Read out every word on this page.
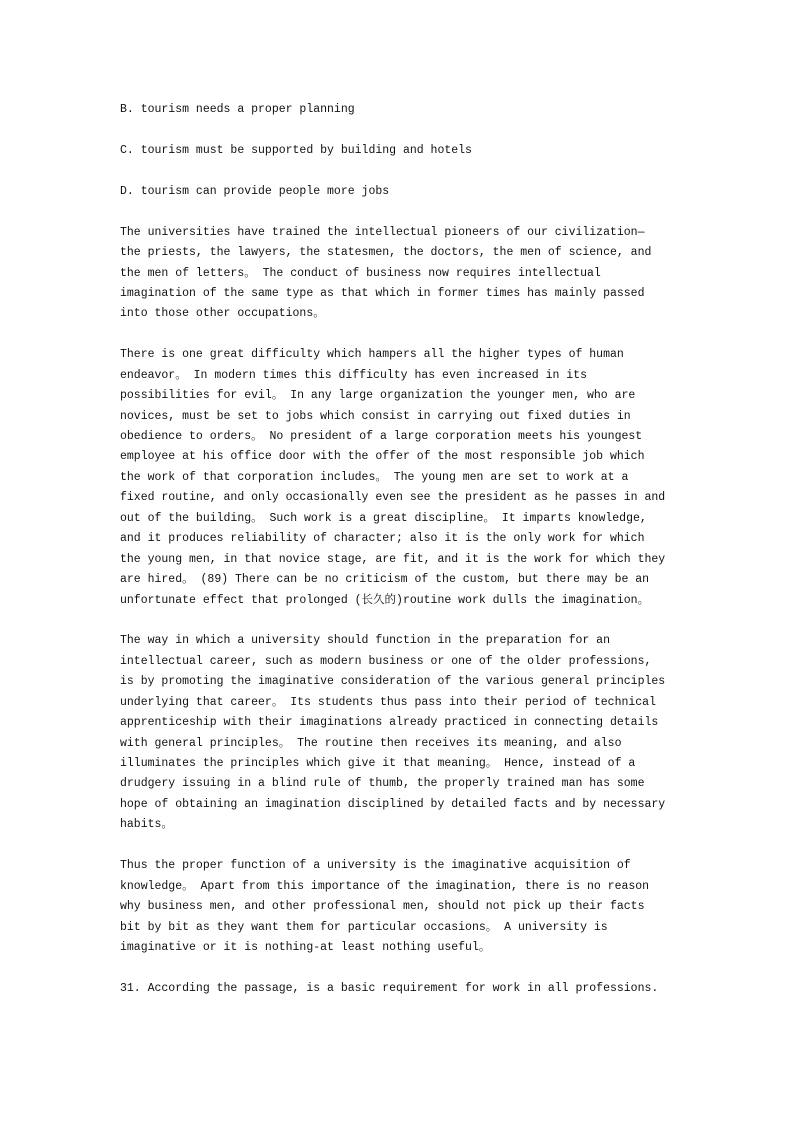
B. tourism needs a proper planning
C. tourism must be supported by building and hotels
D. tourism can provide people more jobs
The universities have trained the intellectual pioneers of our civilization—
the priests, the lawyers, the statesmen, the doctors, the men of science, and
the men of letters。 The conduct of business now requires intellectual
imagination of the same type as that which in former times has mainly passed
into those other occupations。
There is one great difficulty which hampers all the higher types of human
endeavor。 In modern times this difficulty has even increased in its
possibilities for evil。 In any large organization the younger men, who are
novices, must be set to jobs which consist in carrying out fixed duties in
obedience to orders。 No president of a large corporation meets his youngest
employee at his office door with the offer of the most responsible job which
the work of that corporation includes。 The young men are set to work at a
fixed routine, and only occasionally even see the president as he passes in and
out of the building。 Such work is a great discipline。 It imparts knowledge,
and it produces reliability of character; also it is the only work for which
the young men, in that novice stage, are fit, and it is the work for which they
are hired。 (89) There can be no criticism of the custom, but there may be an
unfortunate effect that prolonged (长久的)routine work dulls the imagination。
The way in which a university should function in the preparation for an
intellectual career, such as modern business or one of the older professions,
is by promoting the imaginative consideration of the various general principles
underlying that career。 Its students thus pass into their period of technical
apprenticeship with their imaginations already practiced in connecting details
with general principles。 The routine then receives its meaning, and also
illuminates the principles which give it that meaning。 Hence, instead of a
drudgery issuing in a blind rule of thumb, the properly trained man has some
hope of obtaining an imagination disciplined by detailed facts and by necessary
habits。
Thus the proper function of a university is the imaginative acquisition of
knowledge。 Apart from this importance of the imagination, there is no reason
why business men, and other professional men, should not pick up their facts
bit by bit as they want them for particular occasions。 A university is
imaginative or it is nothing-at least nothing useful。
31. According the passage, is a basic requirement for work in all professions.
